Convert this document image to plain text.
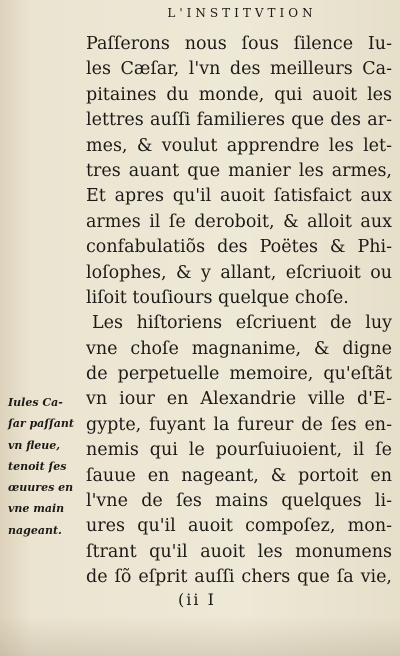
L'INSTITVTION
Paſſerons nous ſous ſilence Iu-
les Cæſar, l'vn des meilleurs Ca-
pitaines du monde, qui auoit les
lettres auſſi familieres que des ar-
mes, & voulut apprendre les let-
tres auant que manier les armes,
Et apres qu'il auoit ſatisfaict aux
armes il ſe deroboit, & alloit aux
confabulatiõs des Poëtes & Phi-
loſophes, & y allant, eſcriuoit ou
liſoit touſiours quelque choſe.
Les hiſtoriens eſcriuent de luy
vne choſe magnanime, & digne
de perpetuelle memoire, qu'eſtãt
vn iour en Alexandrie ville d'E-
gypte, fuyant la fureur de ſes en-
nemis qui le pourſuiuoient, il ſe
ſauue en nageant, & portoit en
l'vne de ſes mains quelques li-
ures qu'il auoit compoſez, mon-
ſtrant qu'il auoit les monumens
de ſõ eſprit auſſi chers que ſa vie,
Iules Ca-
ſar paſſant
vn fleue,
tenoit ſes
œuures en
vne main
nageant.
(ii I
